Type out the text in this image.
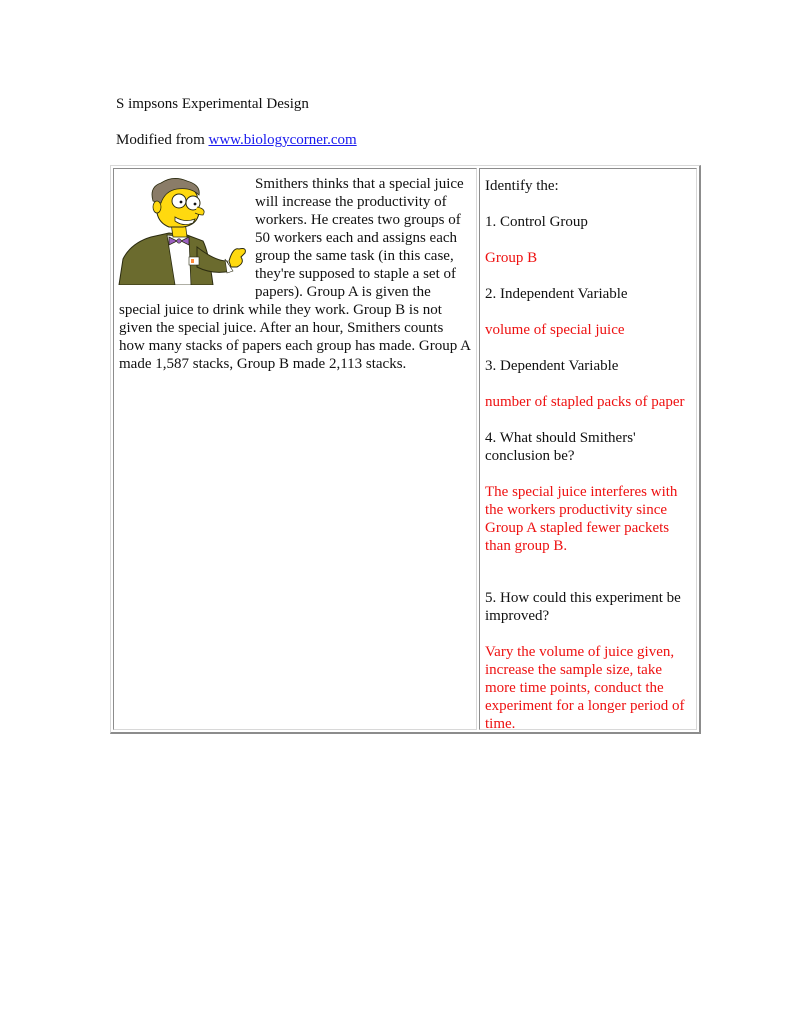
S impsons Experimental Design
Modified from www.biologycorner.com
Smithers thinks that a special juice will increase the productivity of workers. He creates two groups of 50 workers each and assigns each group the same task (in this case, they're supposed to staple a set of papers). Group A is given the special juice to drink while they work. Group B is not given the special juice. After an hour, Smithers counts how many stacks of papers each group has made. Group A made 1,587 stacks, Group B made 2,113 stacks.
Identify the:
1. Control Group
Group B
2. Independent Variable
volume of special juice
3. Dependent Variable
number of stapled packs of paper
4. What should Smithers' conclusion be?
The special juice interferes with the workers productivity since Group A stapled fewer packets than group B.
5. How could this experiment be improved?
Vary the volume of juice given, increase the sample size, take more time points, conduct the experiment for a longer period of time.
